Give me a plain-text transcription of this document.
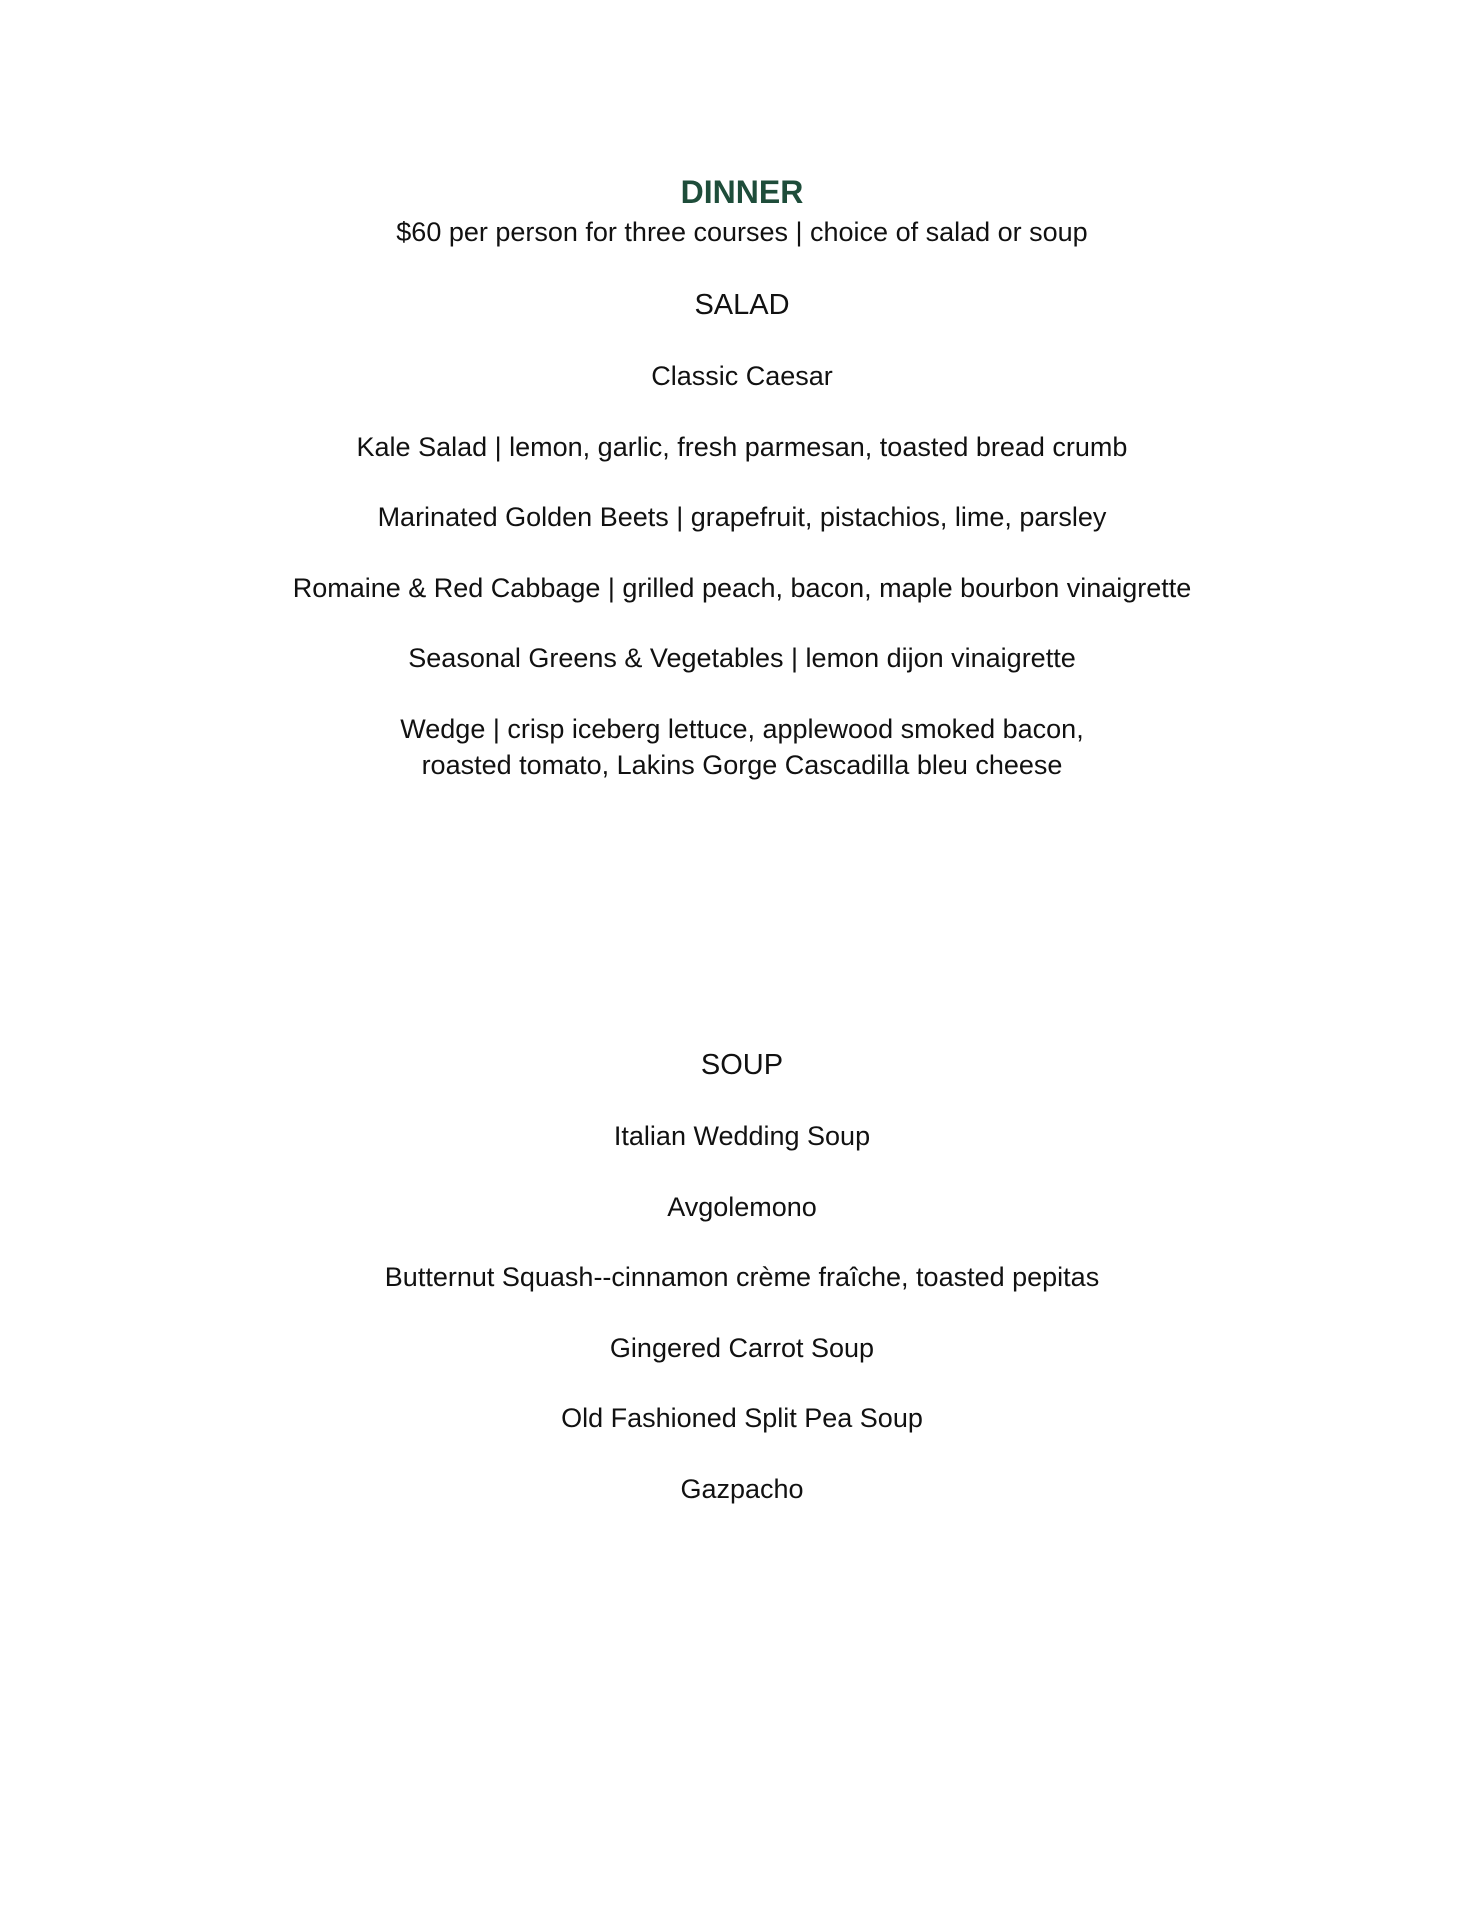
DINNER
$60 per person for three courses | choice of salad or soup
SALAD
Classic Caesar
Kale Salad | lemon, garlic, fresh parmesan, toasted bread crumb
Marinated Golden Beets | grapefruit, pistachios, lime, parsley
Romaine & Red Cabbage | grilled peach, bacon, maple bourbon vinaigrette
Seasonal Greens & Vegetables | lemon dijon vinaigrette
Wedge | crisp iceberg lettuce, applewood smoked bacon,
roasted tomato, Lakins Gorge Cascadilla bleu cheese
SOUP
Italian Wedding Soup
Avgolemono
Butternut Squash--cinnamon crème fraîche, toasted pepitas
Gingered Carrot Soup
Old Fashioned Split Pea Soup
Gazpacho
